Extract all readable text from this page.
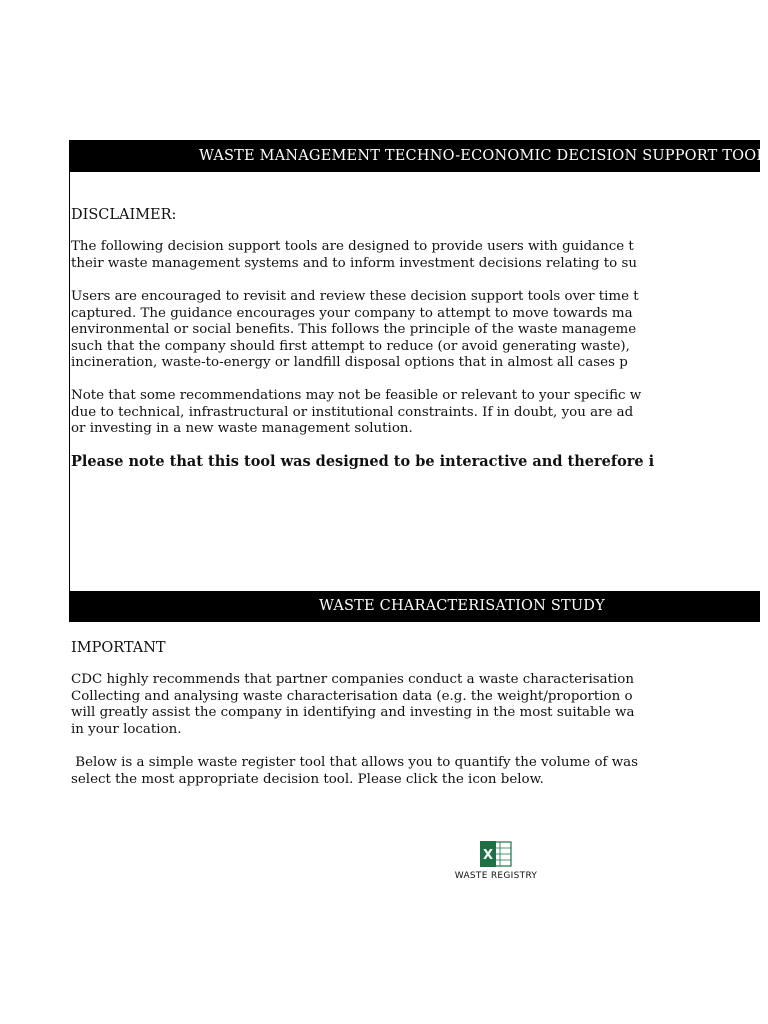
WASTE MANAGEMENT TECHNO-ECONOMIC DECISION SUPPORT TOOL
DISCLAIMER:
The following decision support tools are designed to provide users with guidance t
their waste management systems and to inform investment decisions relating to su
Users are encouraged to revisit and review these decision support tools over time t
captured. The guidance encourages your company to attempt to move towards ma
environmental or social benefits. This follows the principle of the waste manageme
such that the company should first attempt to reduce (or avoid generating waste),
incineration, waste-to-energy or landfill disposal options that in almost all cases p
Note that some recommendations may not be feasible or relevant to your specific w
due to technical, infrastructural or institutional constraints. If in doubt, you are ad
or investing in a new waste management solution.
Please note that this tool was designed to be interactive and therefore i
WASTE CHARACTERISATION STUDY
IMPORTANT
CDC highly recommends that partner companies conduct a waste characterisation
Collecting and analysing waste characterisation data (e.g. the weight/proportion o
will greatly assist the company in identifying and investing in the most suitable wa
in your location.
Below is a simple waste register tool that allows you to quantify the volume of was
select the most appropriate decision tool. Please click the icon below.
X
WASTE REGISTRY
